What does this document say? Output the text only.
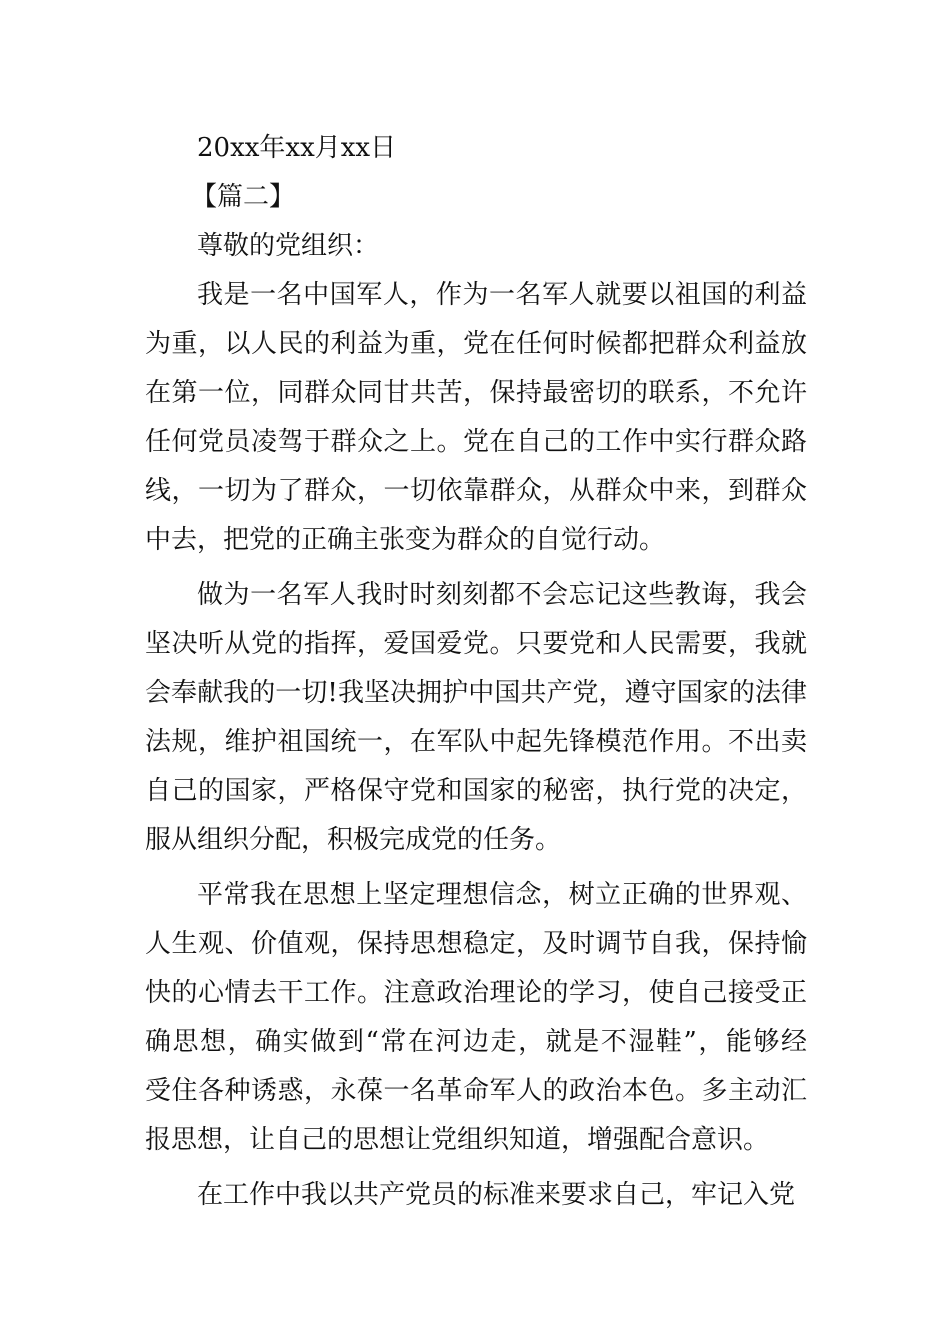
20xx年xx月xx日
【篇二】
尊敬的党组织：
我是一名中国军人，作为一名军人就要以祖国的利益
为重，以人民的利益为重，党在任何时候都把群众利益放
在第一位，同群众同甘共苦，保持最密切的联系，不允许
任何党员凌驾于群众之上。党在自己的工作中实行群众路
线，一切为了群众，一切依靠群众，从群众中来，到群众
中去，把党的正确主张变为群众的自觉行动。
做为一名军人我时时刻刻都不会忘记这些教诲，我会
坚决听从党的指挥，爱国爱党。只要党和人民需要，我就
会奉献我的一切!我坚决拥护中国共产党，遵守国家的法律
法规，维护祖国统一，在军队中起先锋模范作用。不出卖
自己的国家，严格保守党和国家的秘密，执行党的决定，
服从组织分配，积极完成党的任务。
平常我在思想上坚定理想信念，树立正确的世界观、
人生观、价值观，保持思想稳定，及时调节自我，保持愉
快的心情去干工作。注意政治理论的学习，使自己接受正
确思想，确实做到“常在河边走，就是不湿鞋”，能够经
受住各种诱惑，永葆一名革命军人的政治本色。多主动汇
报思想，让自己的思想让党组织知道，增强配合意识。
在工作中我以共产党员的标准来要求自己，牢记入党
